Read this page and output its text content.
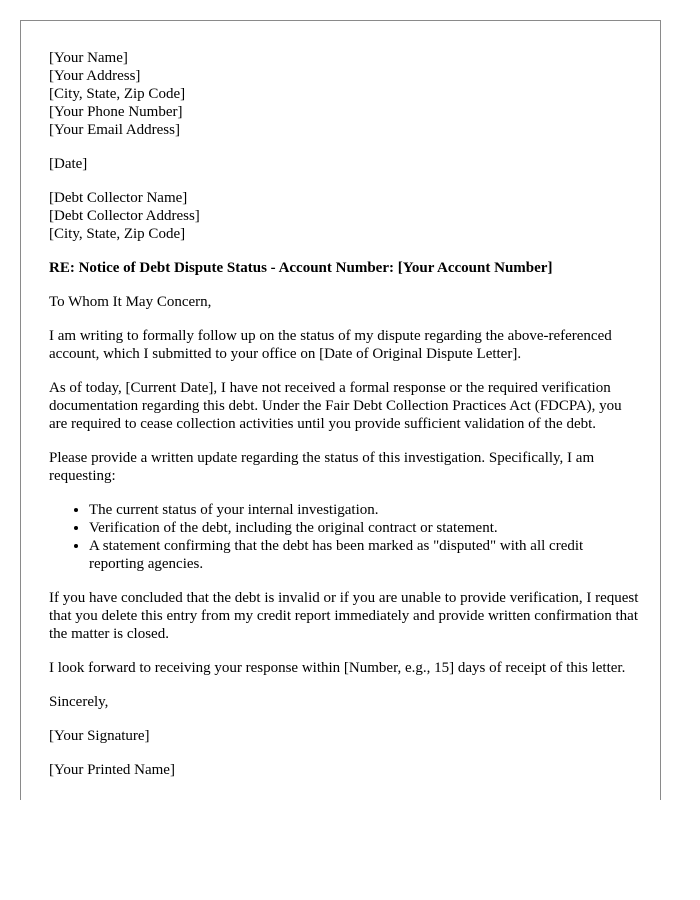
[Your Name]
[Your Address]
[City, State, Zip Code]
[Your Phone Number]
[Your Email Address]
[Date]
[Debt Collector Name]
[Debt Collector Address]
[City, State, Zip Code]
RE: Notice of Debt Dispute Status - Account Number: [Your Account Number]

To Whom It May Concern,

I am writing to formally follow up on the status of my dispute regarding the above-referenced account, which I submitted to your office on [Date of Original Dispute Letter].

As of today, [Current Date], I have not received a formal response or the required verification documentation regarding this debt. Under the Fair Debt Collection Practices Act (FDCPA), you are required to cease collection activities until you provide sufficient validation of the debt.

Please provide a written update regarding the status of this investigation. Specifically, I am requesting:

• The current status of your internal investigation.
• Verification of the debt, including the original contract or statement.
• A statement confirming that the debt has been marked as "disputed" with all credit reporting agencies.

If you have concluded that the debt is invalid or if you are unable to provide verification, I request that you delete this entry from my credit report immediately and provide written confirmation that the matter is closed.

I look forward to receiving your response within [Number, e.g., 15] days of receipt of this letter.

Sincerely,

[Your Signature]

[Your Printed Name]
